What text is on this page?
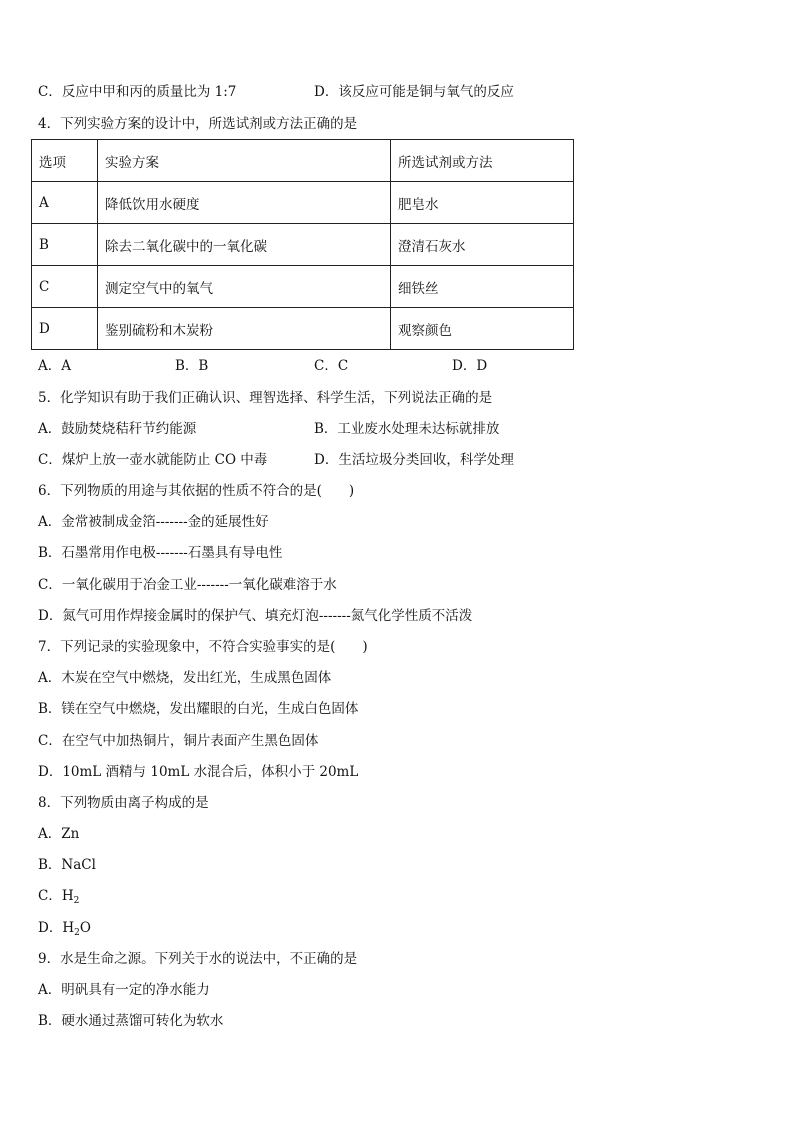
C．反应中甲和丙的质量比为 1:7	D．该反应可能是铜与氧气的反应
4．下列实验方案的设计中，所选试剂或方法正确的是
选项	实验方案	所选试剂或方法
A	降低饮用水硬度	肥皂水
B	除去二氧化碳中的一氧化碳	澄清石灰水
C	测定空气中的氧气	细铁丝
D	鉴别硫粉和木炭粉	观察颜色
A．A	B．B	C．C	D．D
5．化学知识有助于我们正确认识、理智选择、科学生活，下列说法正确的是
A．鼓励焚烧秸秆节约能源	B．工业废水处理未达标就排放
C．煤炉上放一壶水就能防止 CO 中毒	D．生活垃圾分类回收，科学处理
6．下列物质的用途与其依据的性质不符合的是(　　)
A．金常被制成金箔-------金的延展性好
B．石墨常用作电极-------石墨具有导电性
C．一氧化碳用于冶金工业-------一氧化碳难溶于水
D．氮气可用作焊接金属时的保护气、填充灯泡-------氮气化学性质不活泼
7．下列记录的实验现象中，不符合实验事实的是(　　)
A．木炭在空气中燃烧，发出红光，生成黑色固体
B．镁在空气中燃烧，发出耀眼的白光，生成白色固体
C．在空气中加热铜片，铜片表面产生黑色固体
D．10mL 酒精与 10mL 水混合后，体积小于 20mL
8．下列物质由离子构成的是
A．Zn
B．NaCl
C．$H_2$
D．$H_2O$
9．水是生命之源。下列关于水的说法中，不正确的是
A．明矾具有一定的净水能力
B．硬水通过蒸馏可转化为软水
